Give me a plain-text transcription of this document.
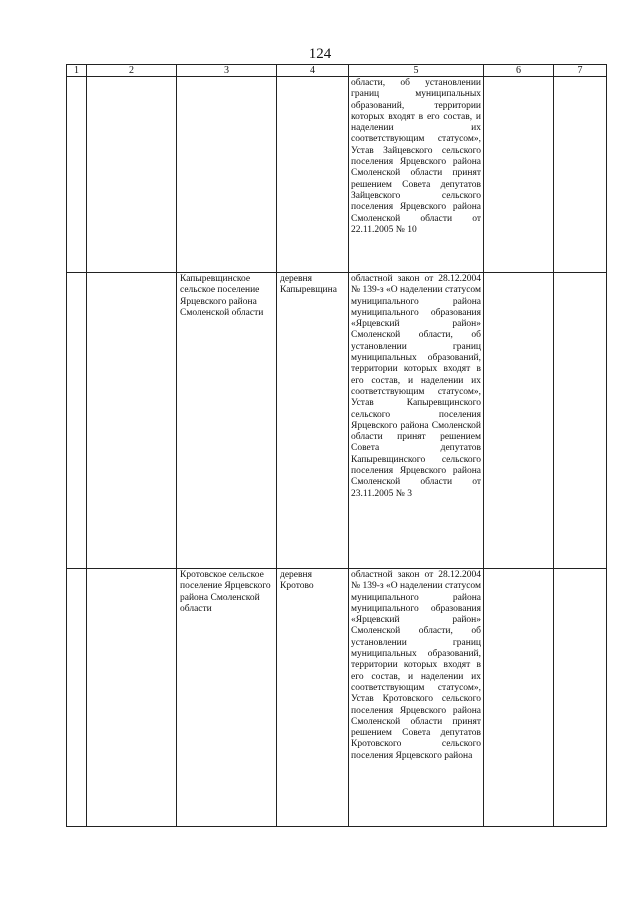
124
1	2	3	4	5	6	7
				области, об установлении границ муниципальных образований, территории которых входят в его состав, и наделении их соответствующим статусом», Устав Зайцевского сельского поселения Ярцевского района Смоленской области принят решением Совета депутатов Зайцевского сельского поселения Ярцевского района Смоленской области от 22.11.2005 № 10		
		Капыревщинское сельское поселение Ярцевского района Смоленской области	деревня Капыревщина	областной закон от 28.12.2004 № 139-з «О наделении статусом муниципального района муниципального образования «Ярцевский район» Смоленской области, об установлении границ муниципальных образований, территории которых входят в его состав, и наделении их соответствующим статусом», Устав Капыревщинского сельского поселения Ярцевского района Смоленской области принят решением Совета депутатов Капыревщинского сельского поселения Ярцевского района Смоленской области от 23.11.2005 № 3		
		Кротовское сельское поселение Ярцевского района Смоленской области	деревня Кротово	областной закон от 28.12.2004 № 139-з «О наделении статусом муниципального района муниципального образования «Ярцевский район» Смоленской области, об установлении границ муниципальных образований, территории которых входят в его состав, и наделении их соответствующим статусом», Устав Кротовского сельского поселения Ярцевского района Смоленской области принят решением Совета депутатов Кротовского сельского поселения Ярцевского района		
